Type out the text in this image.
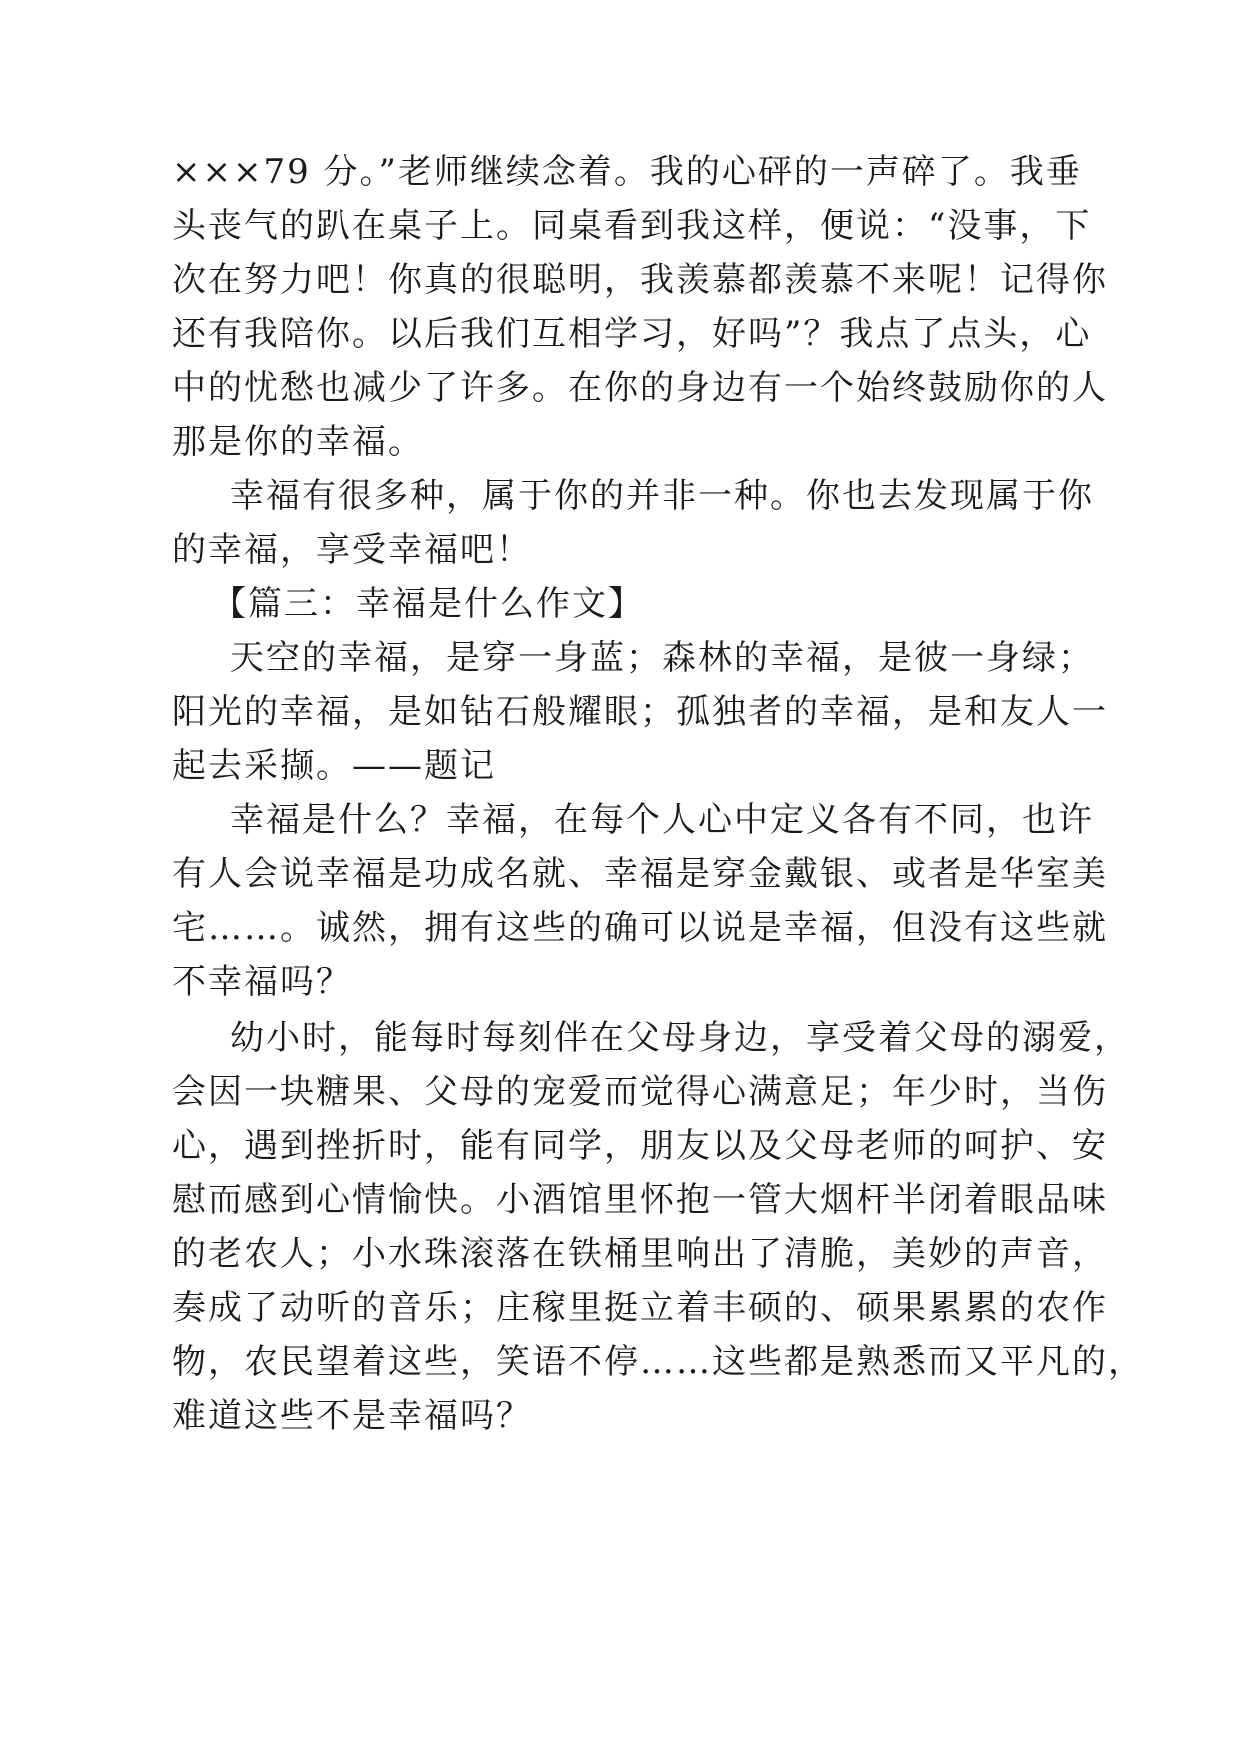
×××79 分。”老师继续念着。我的心砰的一声碎了。我垂
头丧气的趴在桌子上。同桌看到我这样，便说：“没事，下
次在努力吧！你真的很聪明，我羡慕都羡慕不来呢！记得你
还有我陪你。以后我们互相学习，好吗”？我点了点头，心
中的忧愁也减少了许多。在你的身边有一个始终鼓励你的人
那是你的幸福。
幸福有很多种，属于你的并非一种。你也去发现属于你
的幸福，享受幸福吧！
【篇三：幸福是什么作文】
天空的幸福，是穿一身蓝；森林的幸福，是彼一身绿；
阳光的幸福，是如钻石般耀眼；孤独者的幸福，是和友人一
起去采撷。——题记
幸福是什么？幸福，在每个人心中定义各有不同，也许
有人会说幸福是功成名就、幸福是穿金戴银、或者是华室美
宅……。诚然，拥有这些的确可以说是幸福，但没有这些就
不幸福吗？
幼小时，能每时每刻伴在父母身边，享受着父母的溺爱，
会因一块糖果、父母的宠爱而觉得心满意足；年少时，当伤
心，遇到挫折时，能有同学，朋友以及父母老师的呵护、安
慰而感到心情愉快。小酒馆里怀抱一管大烟杆半闭着眼品味
的老农人；小水珠滚落在铁桶里响出了清脆，美妙的声音，
奏成了动听的音乐；庄稼里挺立着丰硕的、硕果累累的农作
物，农民望着这些，笑语不停……这些都是熟悉而又平凡的，
难道这些不是幸福吗？
